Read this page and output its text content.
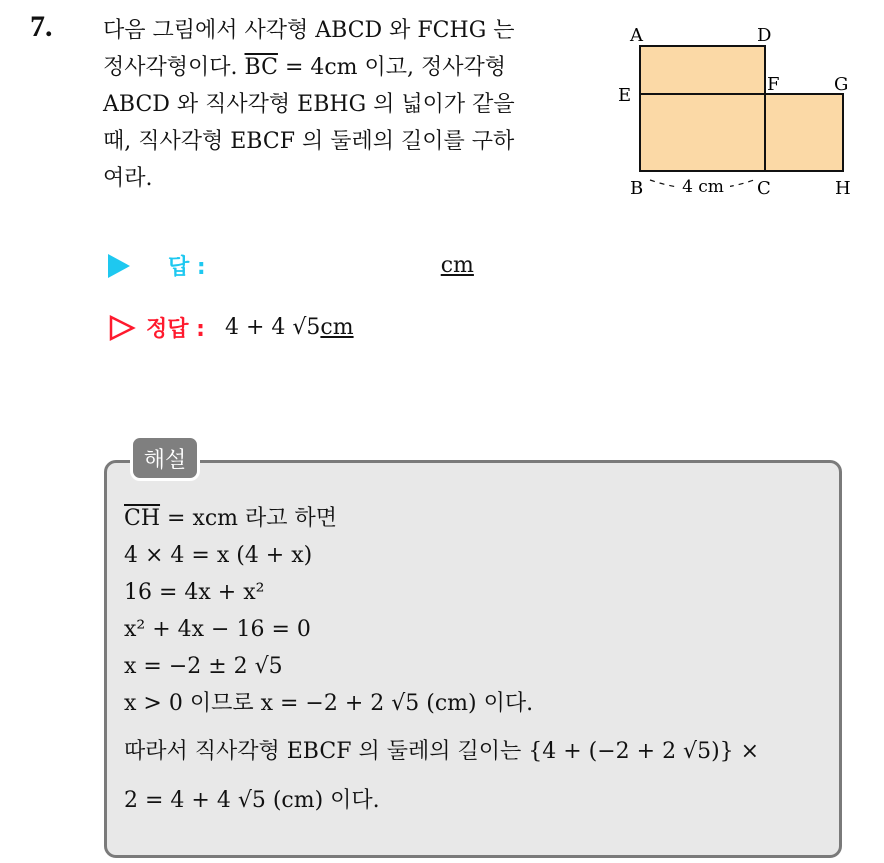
7. 다음 그림에서 사각형 ABCD 와 FCHG 는
정사각형이다. $\overline{BC} = 4cm$ 이고, 정사각형
ABCD 와 직사각형 EBHG 의 넓이가 같을
때, 직사각형 EBCF 의 둘레의 길이를 구하
여라.	4 cm
A	D
E
F	G
B	C	H
답 :	cm
정답 : 4 + 4 √5 cm
해설
$\overline{CH}$ = xcm 라고 하면
4 × 4 = x (4 + x)
16 = 4x + x²
x² + 4x − 16 = 0
x = −2 ± 2 √5
x > 0 이므로 x = −2 + 2 √5 (cm) 이다.
따라서 직사각형 EBCF 의 둘레의 길이는 {4 + (−2 + 2 √5)} ×
2 = 4 + 4 √5 (cm) 이다.
